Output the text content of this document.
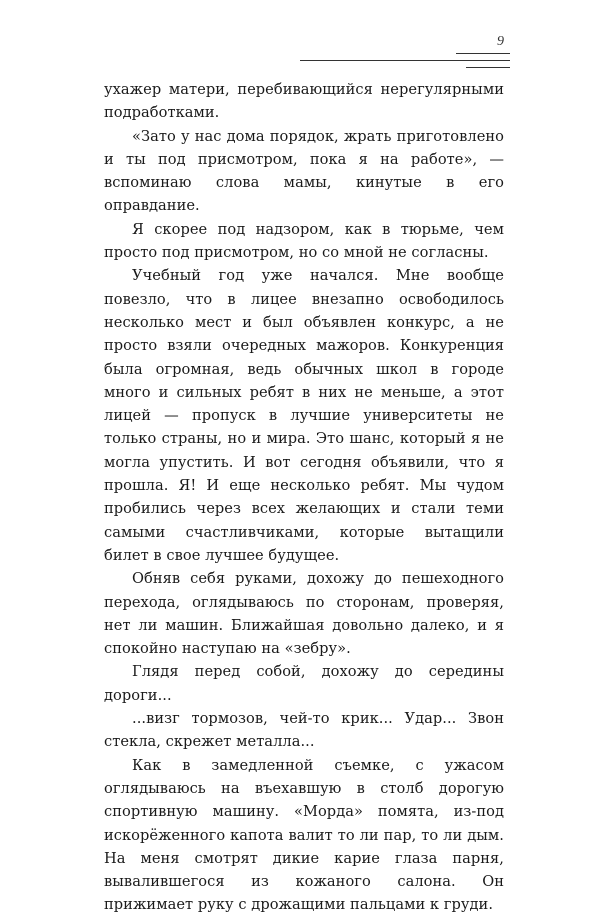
9

ухажер матери, перебивающийся нерегулярными подработками.

«Зато у нас дома порядок, жрать приготовлено и ты под присмотром, пока я на работе», — вспоминаю слова мамы, кинутые в его оправдание.

Я скорее под надзором, как в тюрьме, чем просто под присмотром, но со мной не согласны.

Учебный год уже начался. Мне вообще повезло, что в лицее внезапно освободилось несколько мест и был объявлен конкурс, а не просто взяли очередных мажоров. Конкуренция была огромная, ведь обычных школ в городе много и сильных ребят в них не меньше, а этот лицей — пропуск в лучшие университеты не только страны, но и мира. Это шанс, который я не могла упустить. И вот сегодня объявили, что я прошла. Я! И еще несколько ребят. Мы чудом пробились через всех желающих и стали теми самыми счастливчиками, которые вытащили билет в свое лучшее будущее.

Обняв себя руками, дохожу до пешеходного перехода, оглядываюсь по сторонам, проверяя, нет ли машин. Ближайшая довольно далеко, и я спокойно наступаю на «зебру».

Глядя перед собой, дохожу до середины дороги...

...визг тормозов, чей-то крик... Удар... Звон стекла, скрежет металла...

Как в замедленной съемке, с ужасом оглядываюсь на въехавшую в столб дорогую спортивную машину. «Морда» помята, из-под искорёженного капота валит то ли пар, то ли дым. На меня смотрят дикие карие глаза парня, вывалившегося из кожаного салона. Он прижимает руку с дрожащими пальцами к груди.
